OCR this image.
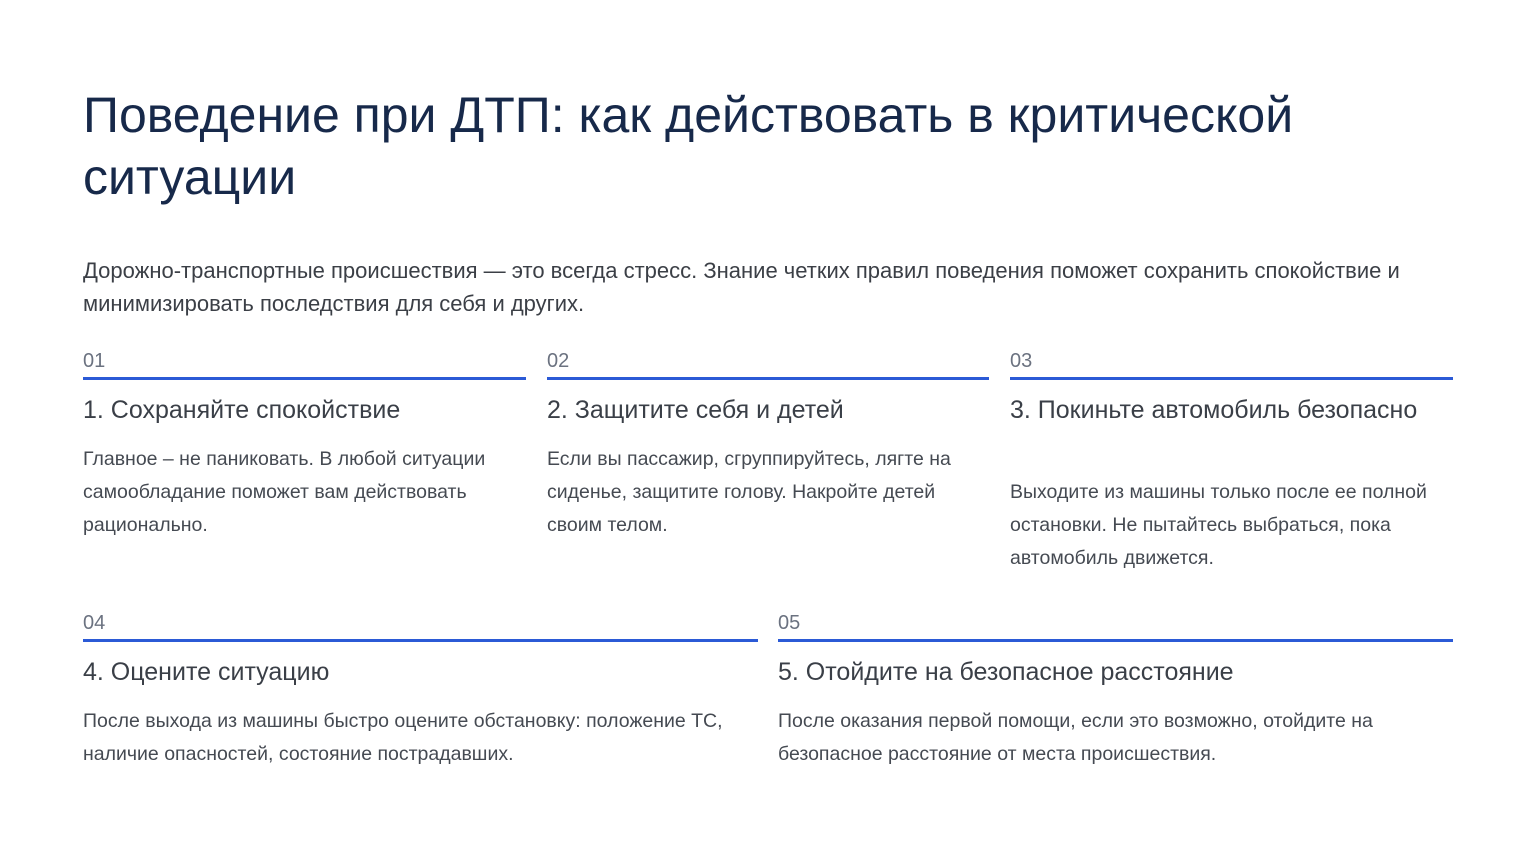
Поведение при ДТП: как действовать в критической ситуации

Дорожно-транспортные происшествия — это всегда стресс. Знание четких правил поведения поможет сохранить спокойствие и минимизировать последствия для себя и других.

01
1. Сохраняйте спокойствие

Главное – не паниковать. В любой ситуации самообладание поможет вам действовать рационально.

02
2. Защитите себя и детей

Если вы пассажир, сгруппируйтесь, лягте на сиденье, защитите голову. Накройте детей своим телом.

03
3. Покиньте автомобиль безопасно

Выходите из машины только после ее полной остановки. Не пытайтесь выбраться, пока автомобиль движется.

04
4. Оцените ситуацию

После выхода из машины быстро оцените обстановку: положение ТС, наличие опасностей, состояние пострадавших.

05
5. Отойдите на безопасное расстояние

После оказания первой помощи, если это возможно, отойдите на безопасное расстояние от места происшествия.
